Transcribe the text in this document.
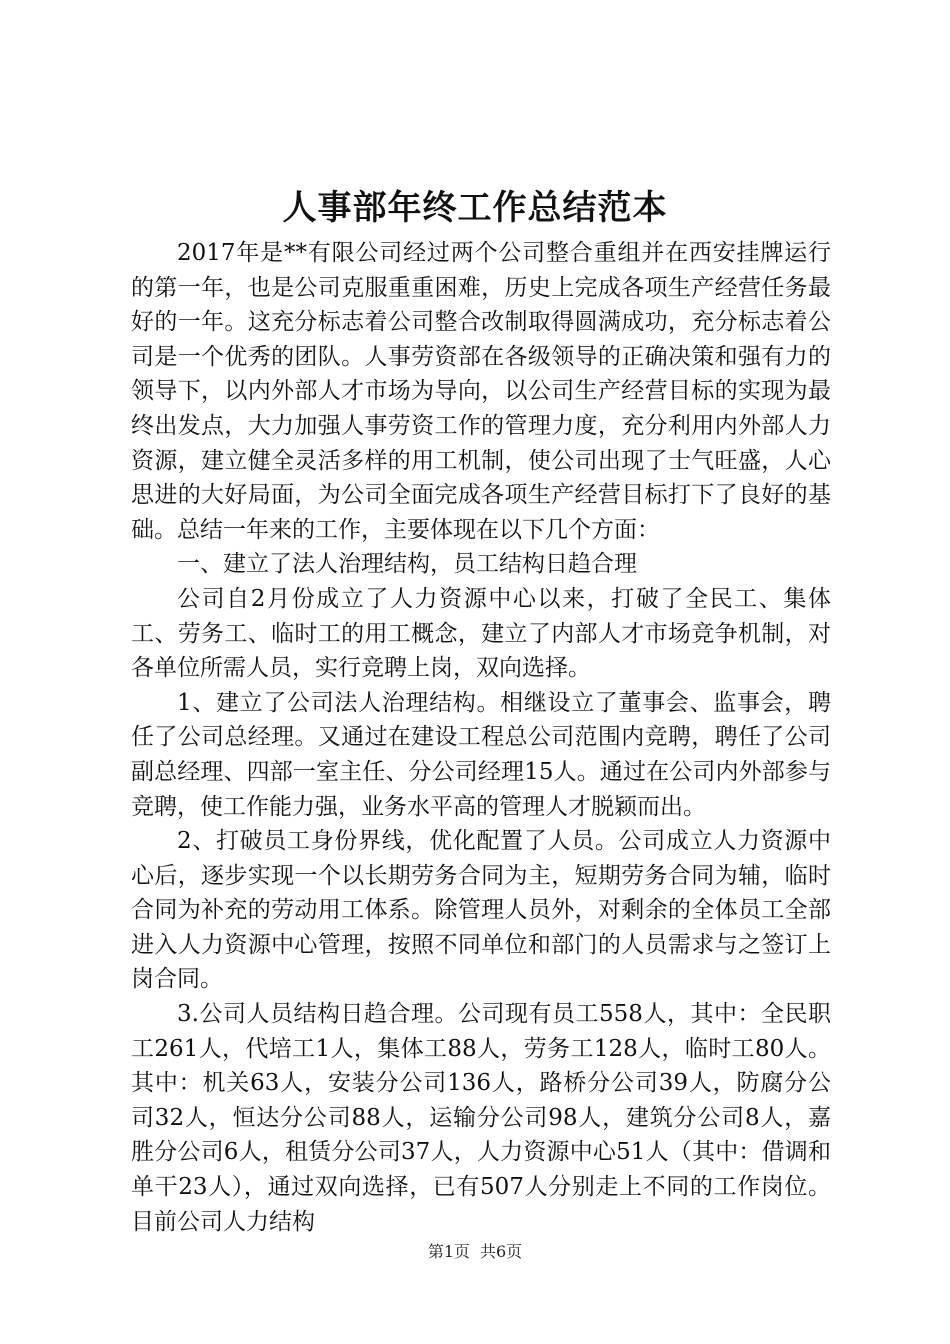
人事部年终工作总结范本

2017年是**有限公司经过两个公司整合重组并在西安挂牌运行的第一年，也是公司克服重重困难，历史上完成各项生产经营任务最好的一年。这充分标志着公司整合改制取得圆满成功，充分标志着公司是一个优秀的团队。人事劳资部在各级领导的正确决策和强有力的领导下，以内外部人才市场为导向，以公司生产经营目标的实现为最终出发点，大力加强人事劳资工作的管理力度，充分利用内外部人力资源，建立健全灵活多样的用工机制，使公司出现了士气旺盛，人心思进的大好局面，为公司全面完成各项生产经营目标打下了良好的基础。总结一年来的工作，主要体现在以下几个方面：

一、建立了法人治理结构，员工结构日趋合理

公司自2月份成立了人力资源中心以来，打破了全民工、集体工、劳务工、临时工的用工概念，建立了内部人才市场竞争机制，对各单位所需人员，实行竞聘上岗，双向选择。

1、建立了公司法人治理结构。相继设立了董事会、监事会，聘任了公司总经理。又通过在建设工程总公司范围内竞聘，聘任了公司副总经理、四部一室主任、分公司经理15人。通过在公司内外部参与竞聘，使工作能力强，业务水平高的管理人才脱颖而出。

2、打破员工身份界线，优化配置了人员。公司成立人力资源中心后，逐步实现一个以长期劳务合同为主，短期劳务合同为辅，临时合同为补充的劳动用工体系。除管理人员外，对剩余的全体员工全部进入人力资源中心管理，按照不同单位和部门的人员需求与之签订上岗合同。

3.公司人员结构日趋合理。公司现有员工558人，其中：全民职工261人，代培工1人，集体工88人，劳务工128人，临时工80人。其中：机关63人，安装分公司136人，路桥分公司39人，防腐分公司32人，恒达分公司88人，运输分公司98人，建筑分公司8人，嘉胜分公司6人，租赁分公司37人，人力资源中心51人（其中：借调和单干23人），通过双向选择，已有507人分别走上不同的工作岗位。目前公司人力结构

第1页 共6页
